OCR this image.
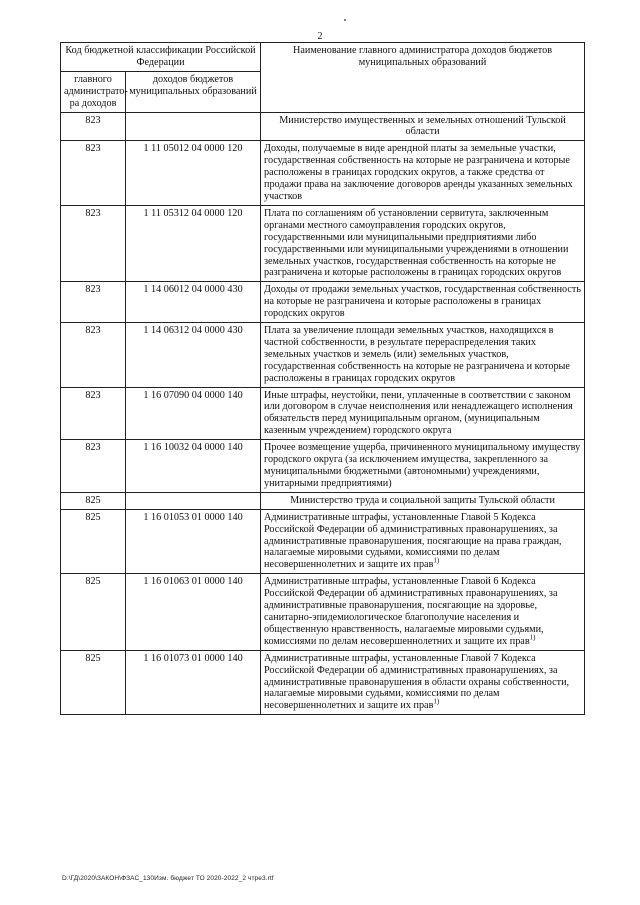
2
Код бюджетной классификации Российской Федерации		Наименование главного администратора доходов бюджетов муниципальных образований
главного администрато-ра доходов	доходов бюджетов муниципальных образований	
823		Министерство имущественных и земельных отношений Тульской области
823	1 11 05012 04 0000 120	Доходы, получаемые в виде арендной платы за земельные участки, государственная собственность на которые не разграничена и которые расположены в границах городских округов, а также средства от продажи права на заключение договоров аренды указанных земельных участков
823	1 11 05312 04 0000 120	Плата по соглашениям об установлении сервитута, заключенным органами местного самоуправления городских округов, государственными или муниципальными предприятиями либо государственными или муниципальными учреждениями в отношении земельных участков, государственная собственность на которые не разграничена и которые расположены в границах городских округов
823	1 14 06012 04 0000 430	Доходы от продажи земельных участков, государственная собственность на которые не разграничена и которые расположены в границах городских округов
823	1 14 06312 04 0000 430	Плата за увеличение площади земельных участков, находящихся в частной собственности, в результате перераспределения таких земельных участков и земель (или) земельных участков, государственная собственность на которые не разграничена и которые расположены в границах городских округов
823	1 16 07090 04 0000 140	Иные штрафы, неустойки, пени, уплаченные в соответствии с законом или договором в случае неисполнения или ненадлежащего исполнения обязательств перед муниципальным органом, (муниципальным казенным учреждением) городского округа
823	1 16 10032 04 0000 140	Прочее возмещение ущерба, причиненного муниципальному имуществу городского округа (за исключением имущества, закрепленного за муниципальными бюджетными (автономными) учреждениями, унитарными предприятиями)
825		Министерство труда и социальной защиты Тульской области
825	1 16 01053 01 0000 140	Административные штрафы, установленные Главой 5 Кодекса Российской Федерации об административных правонарушениях, за административные правонарушения, посягающие на права граждан, налагаемые мировыми судьями, комиссиями по делам несовершеннолетних и защите их прав$^{1)}$
825	1 16 01063 01 0000 140	Административные штрафы, установленные Главой 6 Кодекса Российской Федерации об административных правонарушениях, за административные правонарушения, посягающие на здоровье, санитарно-эпидемиологическое благополучие населения и общественную нравственность, налагаемые мировыми судьями, комиссиями по делам несовершеннолетних и защите их прав$^{1)}$
825	1 16 01073 01 0000 140	Административные штрафы, установленные Главой 7 Кодекса Российской Федерации об административных правонарушениях, за административные правонарушения в области охраны собственности, налагаемые мировыми судьями, комиссиями по делам несовершеннолетних и защите их прав$^{1)}$
D:\ГД\2020\ЗАКОН\ФЗАС_130Изм. бюджет ТО 2020-2022_2 чтре3.rtf
